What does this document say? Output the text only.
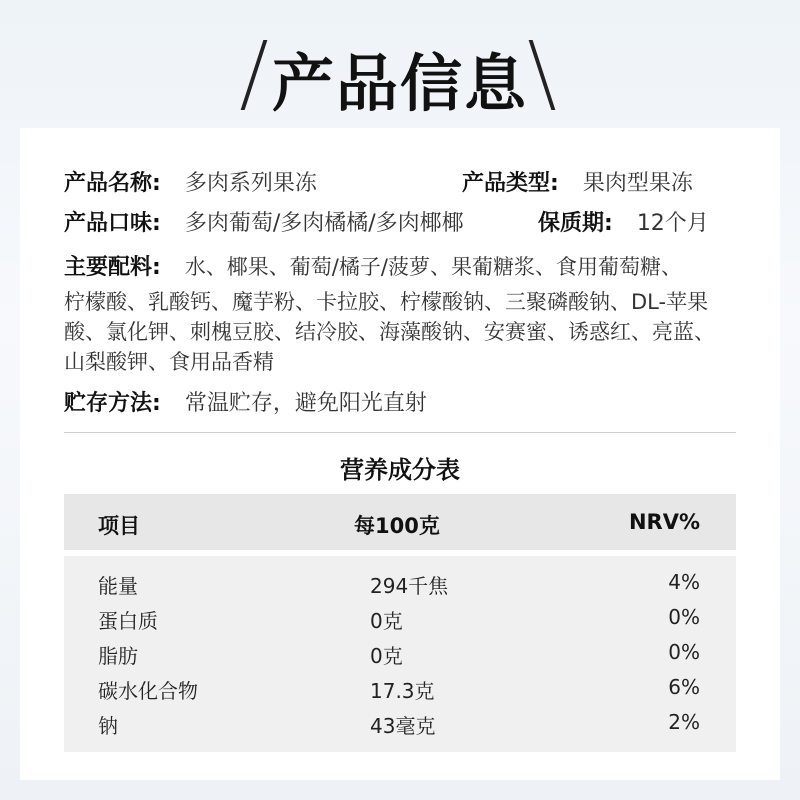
产品信息
产品名称: 多肉系列果冻	产品类型: 果肉型果冻
产品口味: 多肉葡萄/多肉橘橘/多肉椰椰	保质期: 12个月
主要配料: 水、椰果、葡萄/橘子/菠萝、果葡糖浆、食用葡萄糖、
柠檬酸、乳酸钙、魔芋粉、卡拉胶、柠檬酸钠、三聚磷酸钠、DL-苹果
酸、氯化钾、刺槐豆胶、结冷胶、海藻酸钠、安赛蜜、诱惑红、亮蓝、
山梨酸钾、食用品香精
贮存方法: 常温贮存，避免阳光直射
营养成分表
项目	每100克	NRV%
能量	294千焦	4%
蛋白质	0克	0%
脂肪	0克	0%
碳水化合物	17.3克	6%
钠	43毫克	2%
